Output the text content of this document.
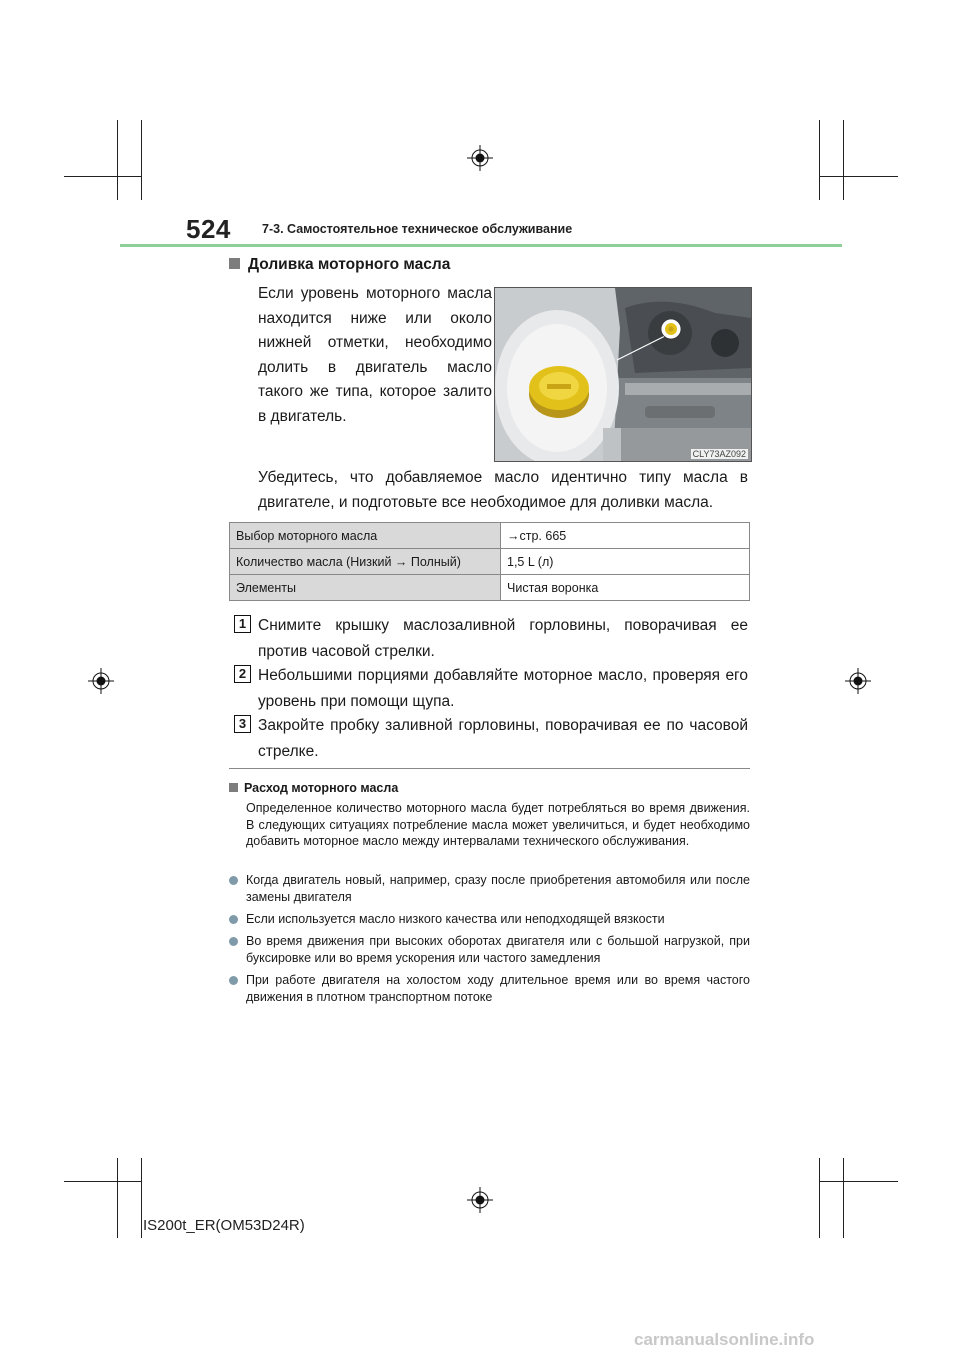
524 7-3. Самостоятельное техническое обслуживание
Доливка моторного масла
Если уровень моторного масла находится ниже или около нижней отметки, необходимо долить в двигатель масло такого же типа, которое залито в двигатель.
CLY73AZ092
Убедитесь, что добавляемое масло идентично типу масла в двигателе, и подготовьте все необходимое для доливки масла.
Выбор моторного масла	→стр. 665
Количество масла (Низкий → Полный)	1,5 L (л)
Элементы	Чистая воронка
1 Снимите крышку маслозаливной горловины, поворачивая ее против часовой стрелки.
2 Небольшими порциями добавляйте моторное масло, проверяя его уровень при помощи щупа.
3 Закройте пробку заливной горловины, поворачивая ее по часовой стрелке.
Расход моторного масла
Определенное количество моторного масла будет потребляться во время движения. В следующих ситуациях потребление масла может увеличиться, и будет необходимо добавить моторное масло между интервалами технического обслуживания.
Когда двигатель новый, например, сразу после приобретения автомобиля или после замены двигателя
Если используется масло низкого качества или неподходящей вязкости
Во время движения при высоких оборотах двигателя или с большой нагрузкой, при буксировке или во время ускорения или частого замедления
При работе двигателя на холостом ходу длительное время или во время частого движения в плотном транспортном потоке
IS200t_ER(OM53D24R)
carmanualsonline.info
